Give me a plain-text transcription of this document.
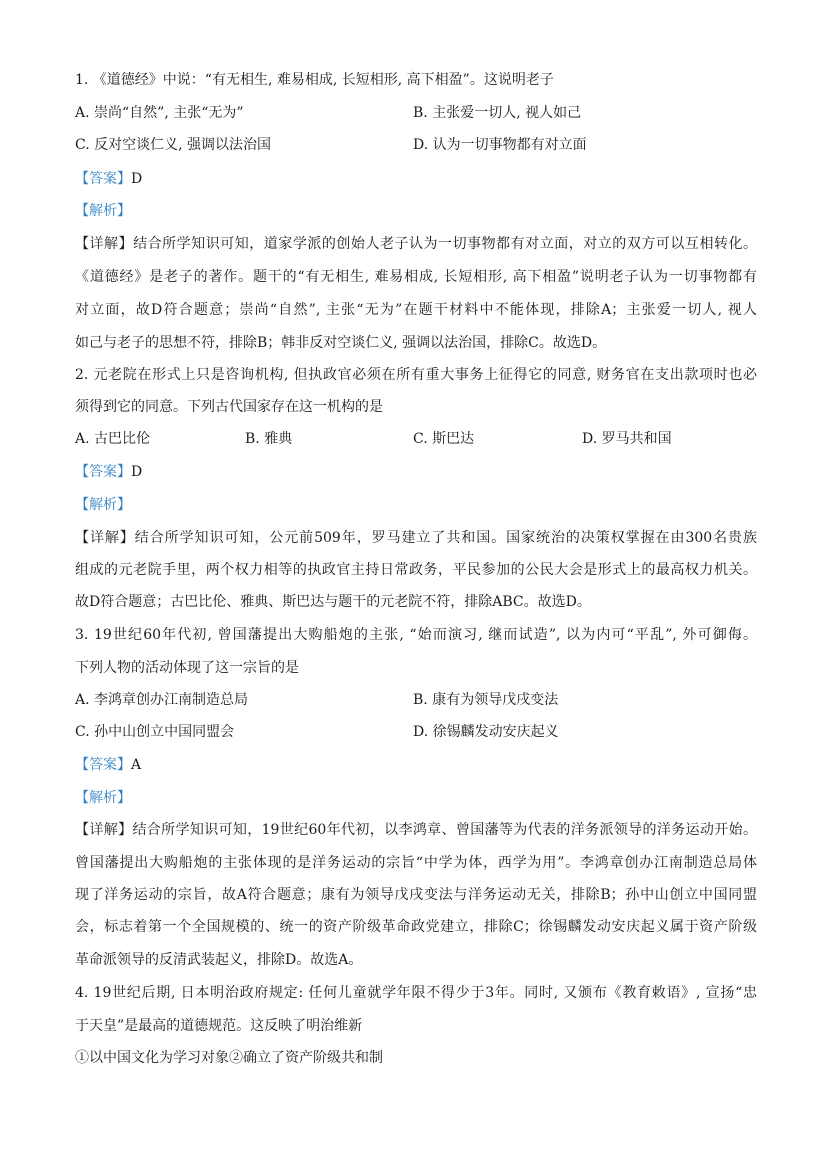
1. 《道德经》中说：“有无相生, 难易相成, 长短相形, 高下相盈”。这说明老子
A. 崇尚“自然”, 主张“无为”	B. 主张爱一切人, 视人如己
C. 反对空谈仁义, 强调以法治国	D. 认为一切事物都有对立面
【答案】D
【解析】
【详解】结合所学知识可知，道家学派的创始人老子认为一切事物都有对立面，对立的双方可以互相转化。
《道德经》是老子的著作。题干的“有无相生, 难易相成, 长短相形, 高下相盈”说明老子认为一切事物都有
对立面，故D符合题意；崇尚“自然”, 主张“无为”在题干材料中不能体现，排除A；主张爱一切人, 视人
如己与老子的思想不符，排除B；韩非反对空谈仁义, 强调以法治国，排除C。故选D。
2. 元老院在形式上只是咨询机构, 但执政官必须在所有重大事务上征得它的同意, 财务官在支出款项时也必
须得到它的同意。下列古代国家存在这一机构的是
A. 古巴比伦	B. 雅典	C. 斯巴达	D. 罗马共和国
【答案】D
【解析】
【详解】结合所学知识可知，公元前509年，罗马建立了共和国。国家统治的决策权掌握在由300名贵族
组成的元老院手里，两个权力相等的执政官主持日常政务，平民参加的公民大会是形式上的最高权力机关。
故D符合题意；古巴比伦、雅典、斯巴达与题干的元老院不符，排除ABC。故选D。
3. 19世纪60年代初, 曾国藩提出大购船炮的主张, “始而演习, 继而试造”, 以为内可“平乱”, 外可御侮。
下列人物的活动体现了这一宗旨的是
A. 李鸿章创办江南制造总局	B. 康有为领导戊戌变法
C. 孙中山创立中国同盟会	D. 徐锡麟发动安庆起义
【答案】A
【解析】
【详解】结合所学知识可知，19世纪60年代初，以李鸿章、曾国藩等为代表的洋务派领导的洋务运动开始。
曾国藩提出大购船炮的主张体现的是洋务运动的宗旨“中学为体，西学为用”。李鸿章创办江南制造总局体
现了洋务运动的宗旨，故A符合题意；康有为领导戊戌变法与洋务运动无关，排除B；孙中山创立中国同盟
会，标志着第一个全国规模的、统一的资产阶级革命政党建立，排除C；徐锡麟发动安庆起义属于资产阶级
革命派领导的反清武装起义，排除D。故选A。
4. 19世纪后期, 日本明治政府规定: 任何儿童就学年限不得少于3年。同时, 又颁布《教育敕语》, 宣扬“忠
于天皇”是最高的道德规范。这反映了明治维新
①以中国文化为学习对象②确立了资产阶级共和制
